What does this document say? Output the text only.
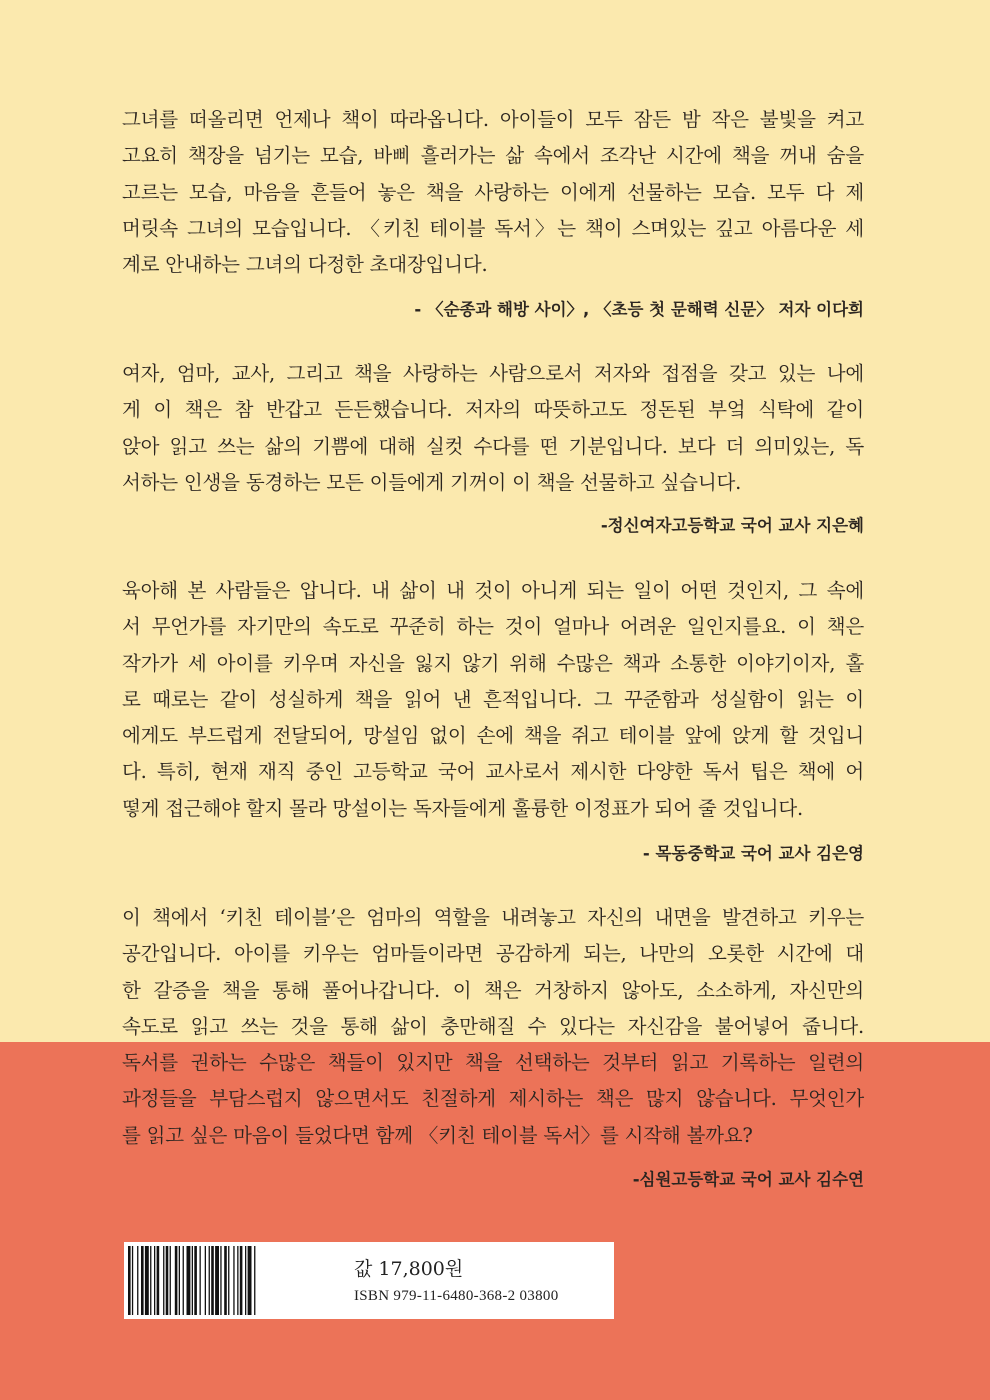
그녀를 떠올리면 언제나 책이 따라옵니다. 아이들이 모두 잠든 밤 작은 불빛을 켜고
고요히 책장을 넘기는 모습, 바삐 흘러가는 삶 속에서 조각난 시간에 책을 꺼내 숨을
고르는 모습, 마음을 흔들어 놓은 책을 사랑하는 이에게 선물하는 모습. 모두 다 제
머릿속 그녀의 모습입니다. 〈키친 테이블 독서〉는 책이 스며있는 깊고 아름다운 세
계로 안내하는 그녀의 다정한 초대장입니다.

- 〈순종과 해방 사이〉, 〈초등 첫 문해력 신문〉 저자 이다희

여자, 엄마, 교사, 그리고 책을 사랑하는 사람으로서 저자와 접점을 갖고 있는 나에
게 이 책은 참 반갑고 든든했습니다. 저자의 따뜻하고도 정돈된 부엌 식탁에 같이
앉아 읽고 쓰는 삶의 기쁨에 대해 실컷 수다를 떤 기분입니다. 보다 더 의미있는, 독
서하는 인생을 동경하는 모든 이들에게 기꺼이 이 책을 선물하고 싶습니다.

-정신여자고등학교 국어 교사 지은혜

육아해 본 사람들은 압니다. 내 삶이 내 것이 아니게 되는 일이 어떤 것인지, 그 속에
서 무언가를 자기만의 속도로 꾸준히 하는 것이 얼마나 어려운 일인지를요. 이 책은
작가가 세 아이를 키우며 자신을 잃지 않기 위해 수많은 책과 소통한 이야기이자, 홀
로 때로는 같이 성실하게 책을 읽어 낸 흔적입니다. 그 꾸준함과 성실함이 읽는 이
에게도 부드럽게 전달되어, 망설임 없이 손에 책을 쥐고 테이블 앞에 앉게 할 것입니
다. 특히, 현재 재직 중인 고등학교 국어 교사로서 제시한 다양한 독서 팁은 책에 어
떻게 접근해야 할지 몰라 망설이는 독자들에게 훌륭한 이정표가 되어 줄 것입니다.

- 목동중학교 국어 교사 김은영

이 책에서 ‘키친 테이블’은 엄마의 역할을 내려놓고 자신의 내면을 발견하고 키우는
공간입니다. 아이를 키우는 엄마들이라면 공감하게 되는, 나만의 오롯한 시간에 대
한 갈증을 책을 통해 풀어나갑니다. 이 책은 거창하지 않아도, 소소하게, 자신만의
속도로 읽고 쓰는 것을 통해 삶이 충만해질 수 있다는 자신감을 불어넣어 줍니다.
독서를 권하는 수많은 책들이 있지만 책을 선택하는 것부터 읽고 기록하는 일련의
과정들을 부담스럽지 않으면서도 친절하게 제시하는 책은 많지 않습니다. 무엇인가
를 읽고 싶은 마음이 들었다면 함께 〈키친 테이블 독서〉를 시작해 볼까요?

-심원고등학교 국어 교사 김수연
값 17,800원
ISBN 979-11-6480-368-2 03800
